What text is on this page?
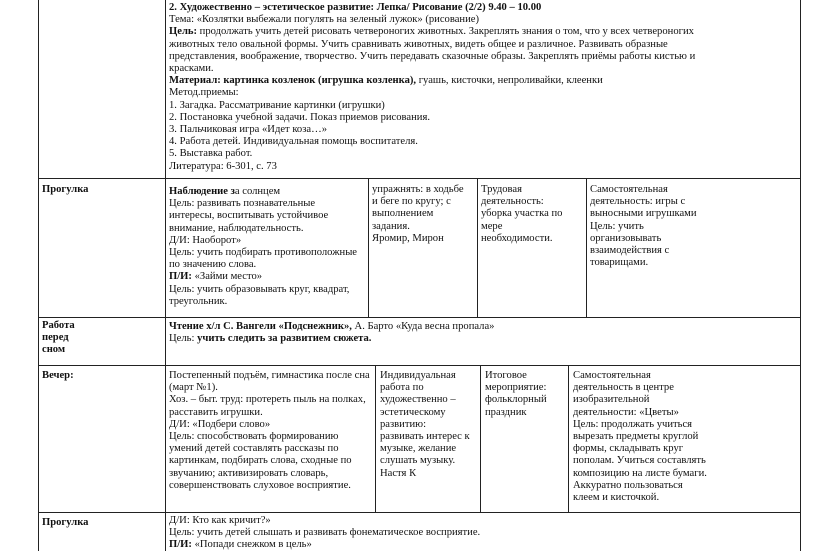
2. Художественно – эстетическое развитие: Лепка/ Рисование (2/2) 9.40 – 10.00
Тема: «Козлятки выбежали погулять на зеленый лужок» (рисование)
Цель: продолжать учить детей рисовать четвероногих животных. Закреплять знания о том, что у всех четвероногих
животных тело овальной формы. Учить сравнивать животных, видеть общее и различное. Развивать образные
представления, воображение, творчество. Учить передавать сказочные образы. Закреплять приёмы работы кистью и
красками.
Материал: картинка козленок (игрушка козленка), гуашь, кисточки, непроливайки, клеенки
Метод.приемы:
1. Загадка. Рассматривание картинки (игрушки)
2. Постановка учебной задачи. Показ приемов рисования.
3. Пальчиковая игра «Идет коза…»
4. Работа детей. Индивидуальная помощь воспитателя.
5. Выставка работ.
Литература: 6-301, с. 73
Прогулка
Работа
перед
сном
Вечер:
Прогулка
Наблюдение за солнцем
Цель: развивать познавательные
интересы, воспитывать устойчивое
внимание, наблюдательность.
Д/И: Наоборот»
Цель: учить подбирать противоположные
по значению слова.
П/И: «Займи место»
Цель: учить образовывать круг, квадрат,
треугольник.
упражнять: в ходьбе
и беге по кругу; с
выполнением
задания.
Яромир, Мирон
Трудовая
деятельность:
уборка участка по
мере
необходимости.
Самостоятельная
деятельность: игры с
выносными игрушками
Цель: учить
организовывать
взаимодействия с
товарищами.
Чтение х/л С. Вангели «Подснежник», А. Барто «Куда весна пропала»
Цель: учить следить за развитием сюжета.
Постепенный подъём, гимнастика после сна
(март №1).
Хоз. – быт. труд: протереть пыль на полках,
расставить игрушки.
Д/И: «Подбери слово»
Цель: способствовать формированию
умений детей составлять рассказы по
картинкам, подбирать слова, сходные по
звучанию; активизировать словарь,
совершенствовать слуховое восприятие.
Индивидуальная
работа по
художественно –
эстетическому
развитию:
развивать интерес к
музыке, желание
слушать музыку.
Настя К
Итоговое
мероприятие:
фольклорный
праздник
Самостоятельная
деятельность в центре
изобразительной
деятельности: «Цветы»
Цель: продолжать учиться
вырезать предметы круглой
формы, складывать круг
пополам. Учиться составлять
композицию на листе бумаги.
Аккуратно пользоваться
клеем и кисточкой.
Д/И: Кто как кричит?»
Цель: учить детей слышать и развивать фонематическое восприятие.
П/И: «Попади снежком в цель»
